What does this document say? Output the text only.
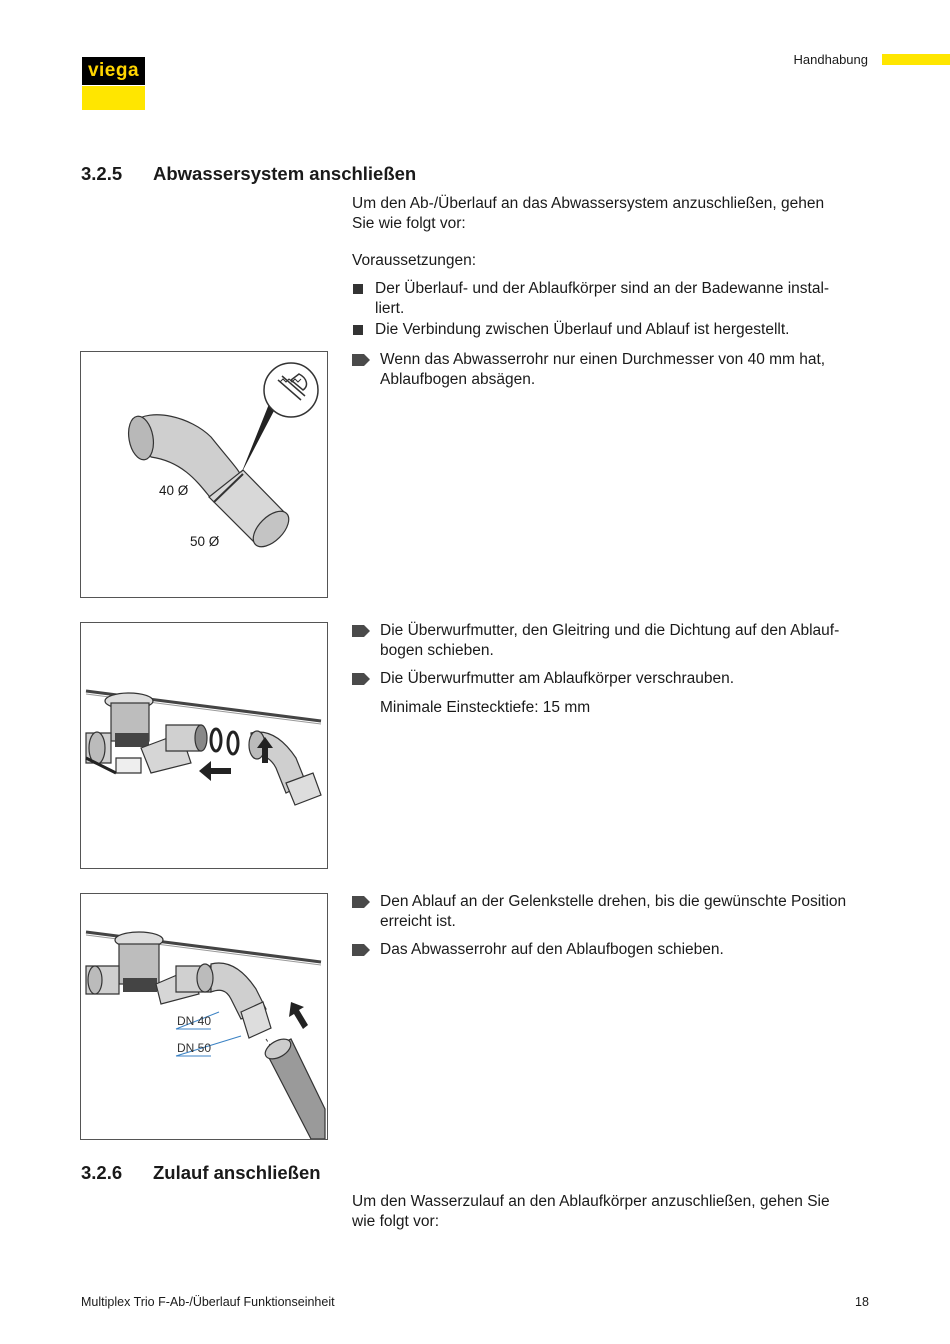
viega
Handhabung
3.2.5 Abwassersystem anschließen
Um den Ab-/Überlauf an das Abwassersystem anzuschließen, gehen
Sie wie folgt vor:
Voraussetzungen:
Der Überlauf- und der Ablaufkörper sind an der Badewanne instal-
liert.
Die Verbindung zwischen Überlauf und Ablauf ist hergestellt.
Wenn das Abwasserrohr nur einen Durchmesser von 40 mm hat,
Ablaufbogen absägen.
40 Ø
50 Ø
Die Überwurfmutter, den Gleitring und die Dichtung auf den Ablauf-
bogen schieben.
Die Überwurfmutter am Ablaufkörper verschrauben.
Minimale Einstecktiefe: 15 mm
Den Ablauf an der Gelenkstelle drehen, bis die gewünschte Position
erreicht ist.
Das Abwasserrohr auf den Ablaufbogen schieben.
DN 40
DN 50
3.2.6 Zulauf anschließen
Um den Wasserzulauf an den Ablaufkörper anzuschließen, gehen Sie
wie folgt vor:
Multiplex Trio F-Ab-/Überlauf Funktionseinheit	18
